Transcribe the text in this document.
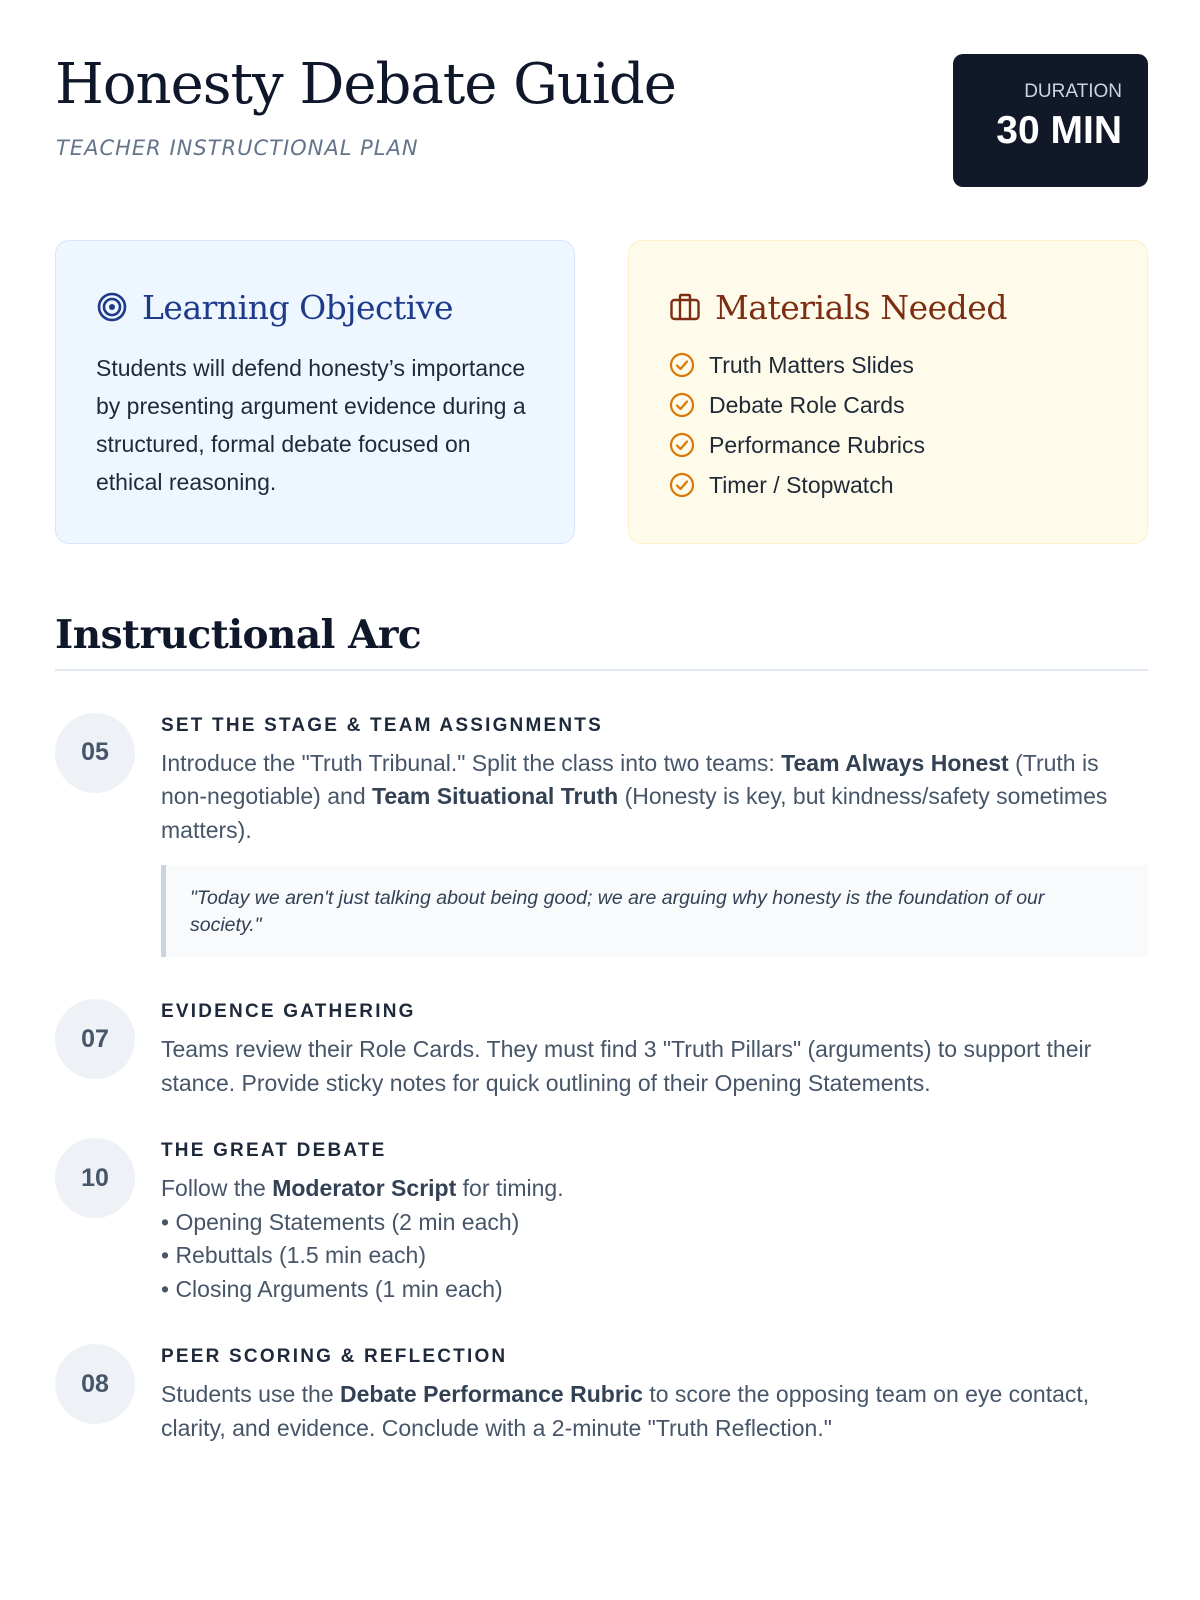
Honesty Debate Guide
TEACHER INSTRUCTIONAL PLAN
DURATION
30 MIN
Learning Objective
Students will defend honesty’s importance by presenting argument evidence during a structured, formal debate focused on ethical reasoning.
Materials Needed
Truth Matters Slides
Debate Role Cards
Performance Rubrics
Timer / Stopwatch
Instructional Arc
05
SET THE STAGE & TEAM ASSIGNMENTS
Introduce the "Truth Tribunal." Split the class into two teams: Team Always Honest (Truth is non-negotiable) and Team Situational Truth (Honesty is key, but kindness/safety sometimes matters).
"Today we aren't just talking about being good; we are arguing why honesty is the foundation of our society."
07
EVIDENCE GATHERING
Teams review their Role Cards. They must find 3 "Truth Pillars" (arguments) to support their stance. Provide sticky notes for quick outlining of their Opening Statements.
10
THE GREAT DEBATE
Follow the Moderator Script for timing.
• Opening Statements (2 min each)
• Rebuttals (1.5 min each)
• Closing Arguments (1 min each)
08
PEER SCORING & REFLECTION
Students use the Debate Performance Rubric to score the opposing team on eye contact, clarity, and evidence. Conclude with a 2-minute "Truth Reflection."
